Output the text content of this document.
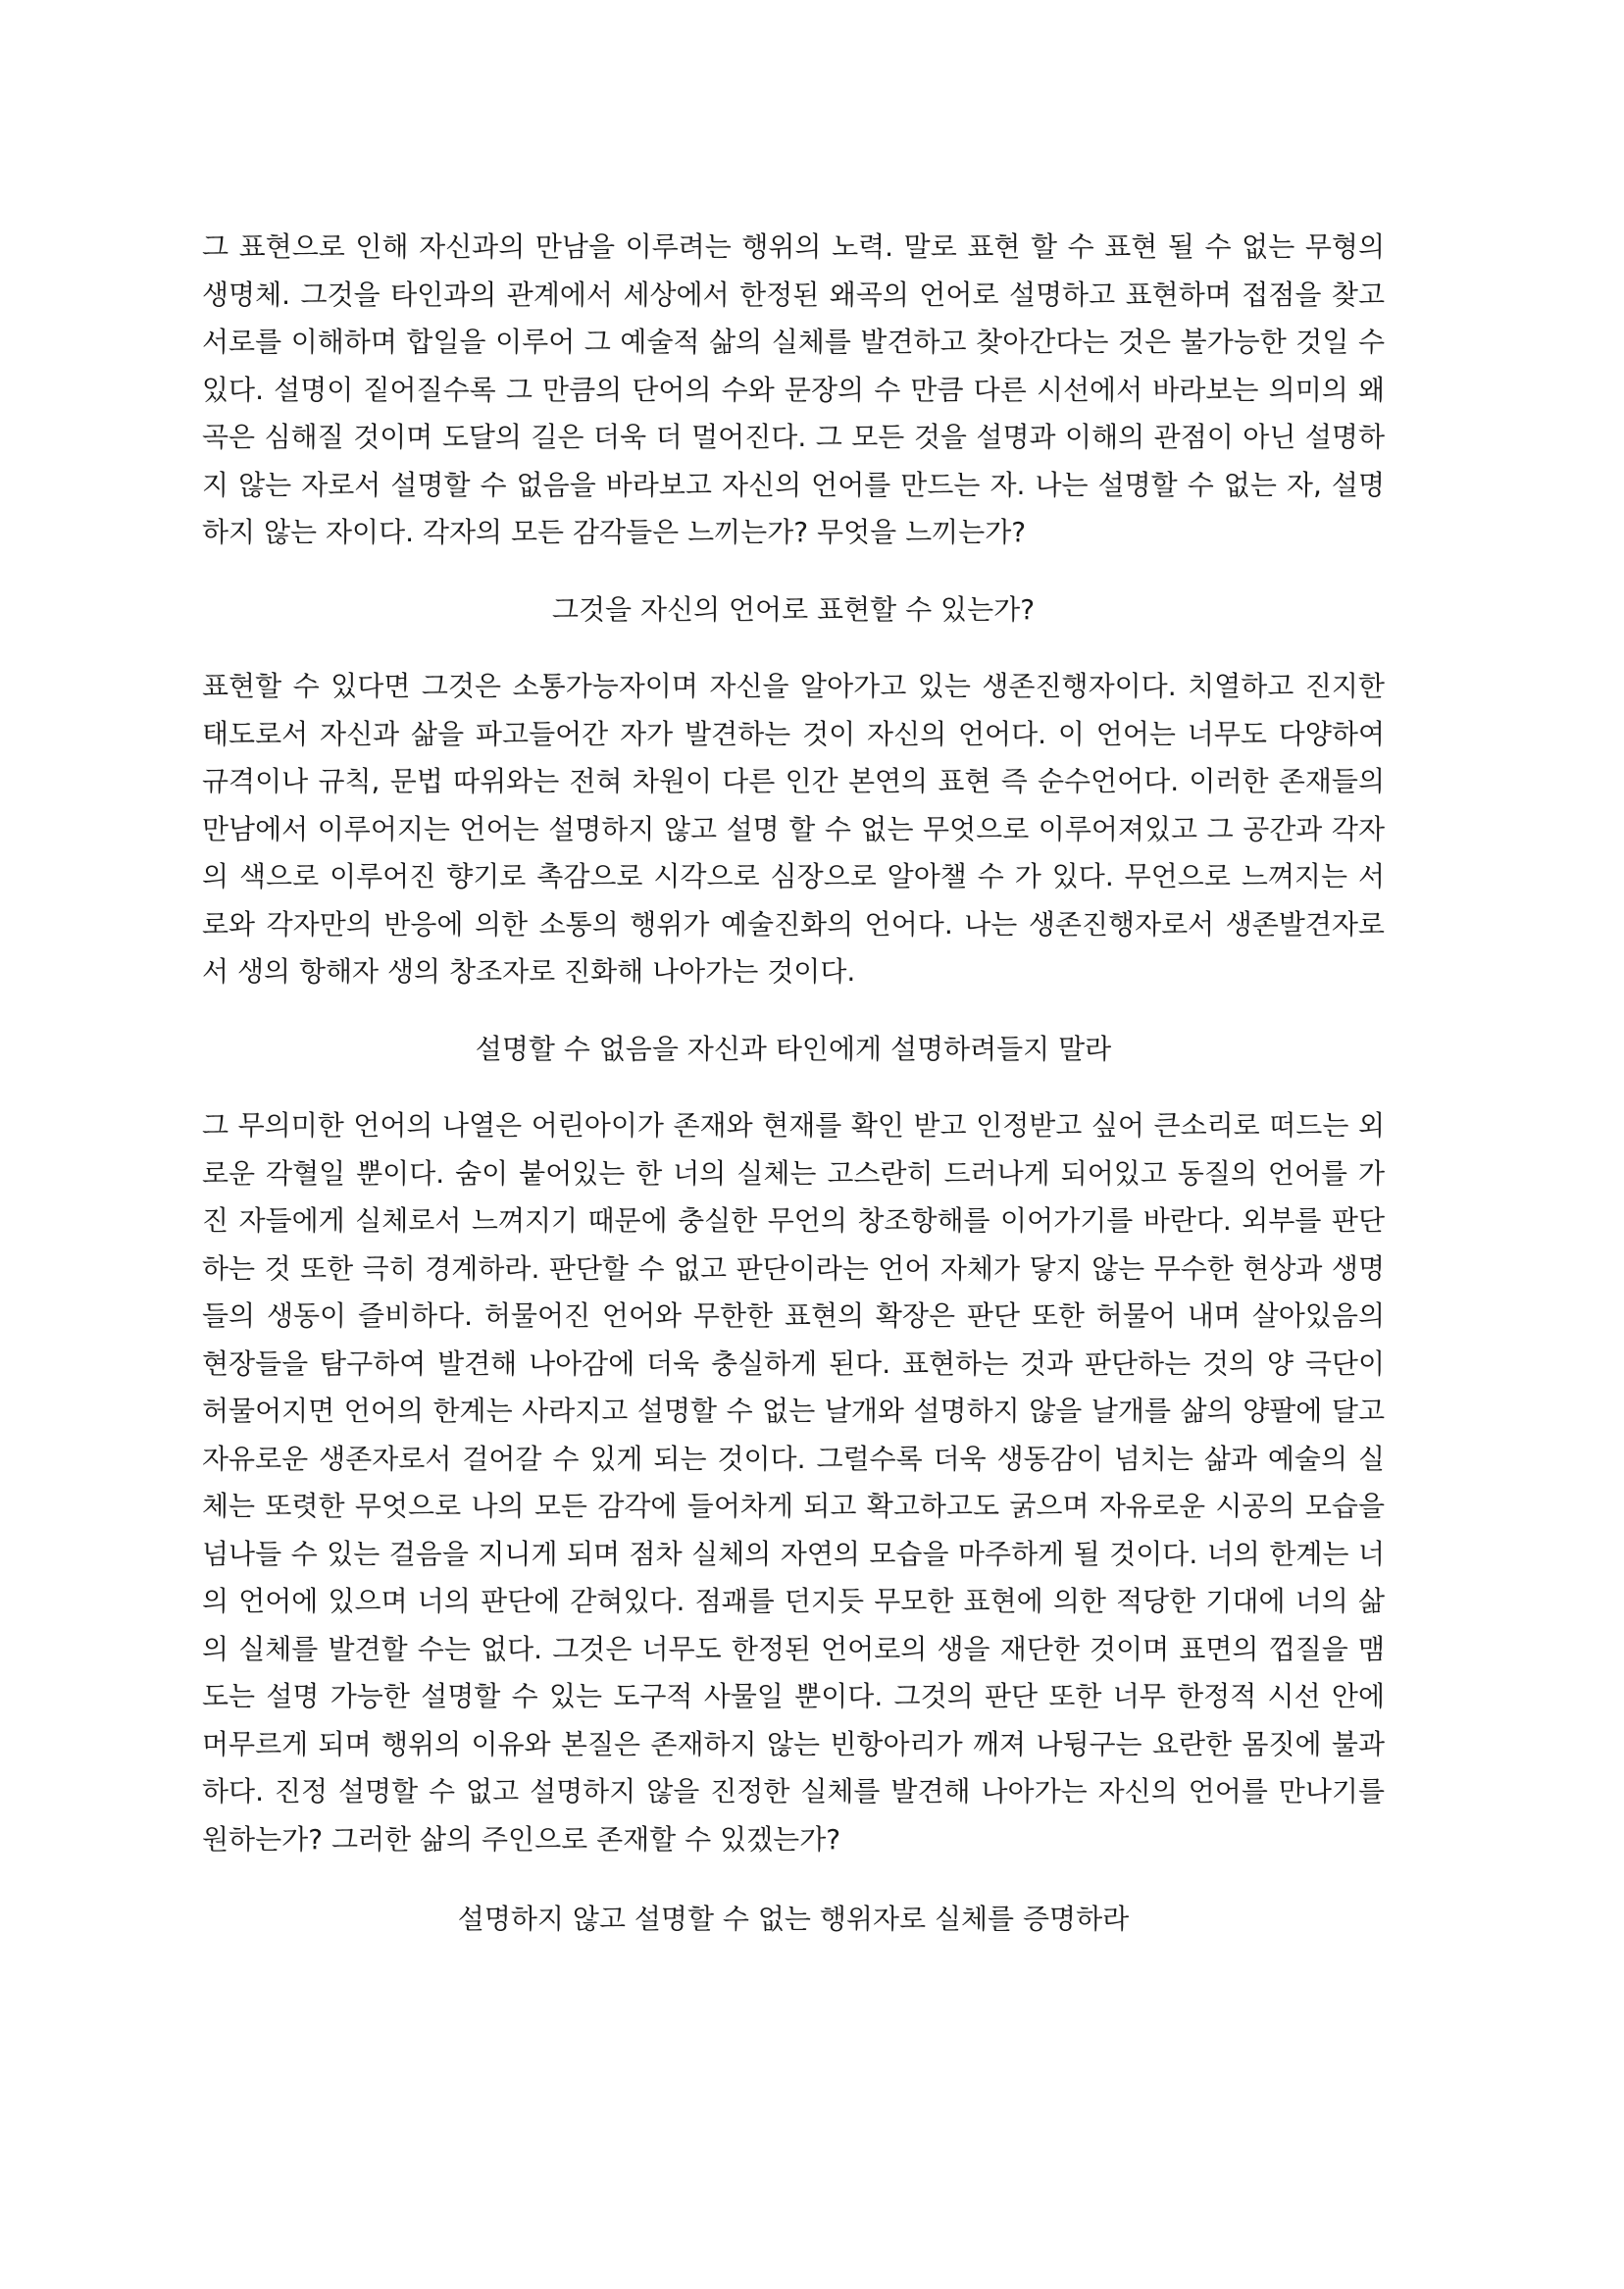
그 표현으로 인해 자신과의 만남을 이루려는 행위의 노력. 말로 표현 할 수 표현 될 수 없는 무형의 생명체. 그것을 타인과의 관계에서 세상에서 한정된 왜곡의 언어로 설명하고 표현하며 접점을 찾고 서로를 이해하며 합일을 이루어 그 예술적 삶의 실체를 발견하고 찾아간다는 것은 불가능한 것일 수 있다. 설명이 짙어질수록 그 만큼의 단어의 수와 문장의 수 만큼 다른 시선에서 바라보는 의미의 왜곡은 심해질 것이며 도달의 길은 더욱 더 멀어진다. 그 모든 것을 설명과 이해의 관점이 아닌 설명하지 않는 자로서 설명할 수 없음을 바라보고 자신의 언어를 만드는 자. 나는 설명할 수 없는 자, 설명하지 않는 자이다. 각자의 모든 감각들은 느끼는가? 무엇을 느끼는가?

그것을 자신의 언어로 표현할 수 있는가?

표현할 수 있다면 그것은 소통가능자이며 자신을 알아가고 있는 생존진행자이다. 치열하고 진지한 태도로서 자신과 삶을 파고들어간 자가 발견하는 것이 자신의 언어다. 이 언어는 너무도 다양하여 규격이나 규칙, 문법 따위와는 전혀 차원이 다른 인간 본연의 표현 즉 순수언어다. 이러한 존재들의 만남에서 이루어지는 언어는 설명하지 않고 설명 할 수 없는 무엇으로 이루어져있고 그 공간과 각자의 색으로 이루어진 향기로 촉감으로 시각으로 심장으로 알아챌 수 가 있다. 무언으로 느껴지는 서로와 각자만의 반응에 의한 소통의 행위가 예술진화의 언어다. 나는 생존진행자로서 생존발견자로서 생의 항해자 생의 창조자로 진화해 나아가는 것이다.

설명할 수 없음을 자신과 타인에게 설명하려들지 말라

그 무의미한 언어의 나열은 어린아이가 존재와 현재를 확인 받고 인정받고 싶어 큰소리로 떠드는 외로운 각혈일 뿐이다. 숨이 붙어있는 한 너의 실체는 고스란히 드러나게 되어있고 동질의 언어를 가진 자들에게 실체로서 느껴지기 때문에 충실한 무언의 창조항해를 이어가기를 바란다. 외부를 판단하는 것 또한 극히 경계하라. 판단할 수 없고 판단이라는 언어 자체가 닿지 않는 무수한 현상과 생명들의 생동이 즐비하다. 허물어진 언어와 무한한 표현의 확장은 판단 또한 허물어 내며 살아있음의 현장들을 탐구하여 발견해 나아감에 더욱 충실하게 된다. 표현하는 것과 판단하는 것의 양 극단이 허물어지면 언어의 한계는 사라지고 설명할 수 없는 날개와 설명하지 않을 날개를 삶의 양팔에 달고 자유로운 생존자로서 걸어갈 수 있게 되는 것이다. 그럴수록 더욱 생동감이 넘치는 삶과 예술의 실체는 또렷한 무엇으로 나의 모든 감각에 들어차게 되고 확고하고도 굵으며 자유로운 시공의 모습을 넘나들 수 있는 걸음을 지니게 되며 점차 실체의 자연의 모습을 마주하게 될 것이다. 너의 한계는 너의 언어에 있으며 너의 판단에 갇혀있다. 점괘를 던지듯 무모한 표현에 의한 적당한 기대에 너의 삶의 실체를 발견할 수는 없다. 그것은 너무도 한정된 언어로의 생을 재단한 것이며 표면의 껍질을 맴도는 설명 가능한 설명할 수 있는 도구적 사물일 뿐이다. 그것의 판단 또한 너무 한정적 시선 안에 머무르게 되며 행위의 이유와 본질은 존재하지 않는 빈항아리가 깨져 나뒹구는 요란한 몸짓에 불과하다. 진정 설명할 수 없고 설명하지 않을 진정한 실체를 발견해 나아가는 자신의 언어를 만나기를 원하는가? 그러한 삶의 주인으로 존재할 수 있겠는가?

설명하지 않고 설명할 수 없는 행위자로 실체를 증명하라
